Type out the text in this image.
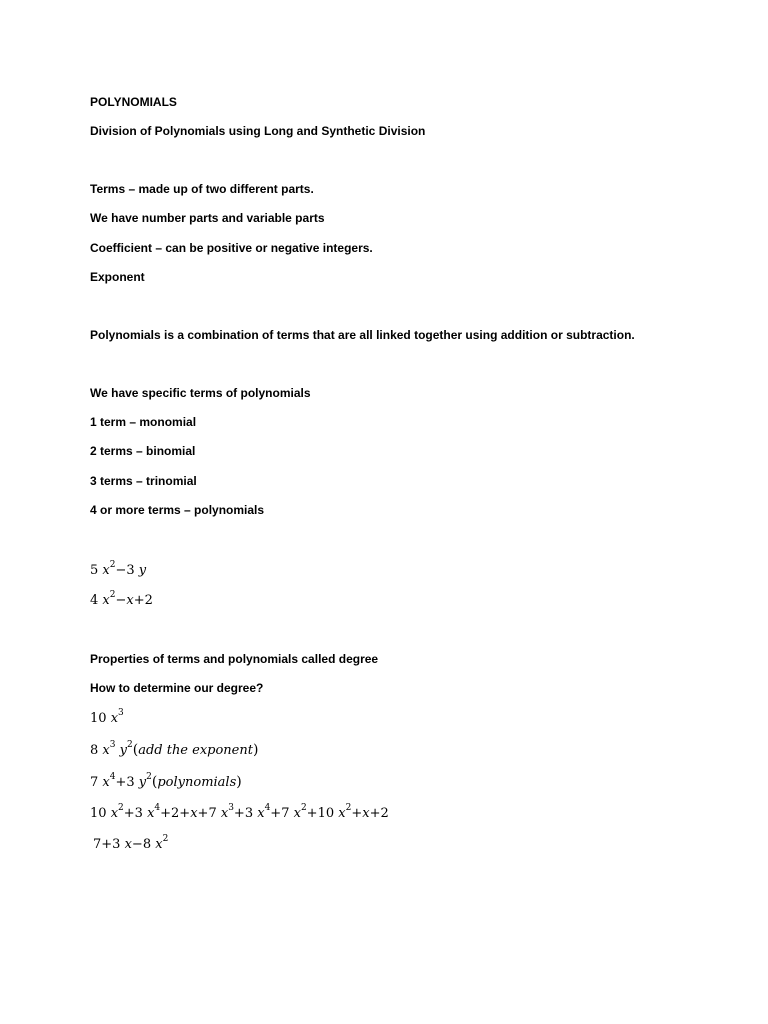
POLYNOMIALS
Division of Polynomials using Long and Synthetic Division
Terms – made up of two different parts.
We have number parts and variable parts
Coefficient – can be positive or negative integers.
Exponent
Polynomials is a combination of terms that are all linked together using addition or subtraction.
We have specific terms of polynomials
1 term – monomial
2 terms – binomial
3 terms – trinomial
4 or more terms – polynomials
5 $x^2-3$ y
4 $x^2-x+2$
Properties of terms and polynomials called degree
How to determine our degree?
10 $x^3$
8 $x^3$ $y^2(add$ the exponent)
7 $x^4+3$ $y^2(polynomials)$
10 $x^2+3$ $x^4+2+x+7$ $x^3+3$ $x^4+7$ $x^2+10$ $x^2+x+2$
7+3 x−8 $x^2$
